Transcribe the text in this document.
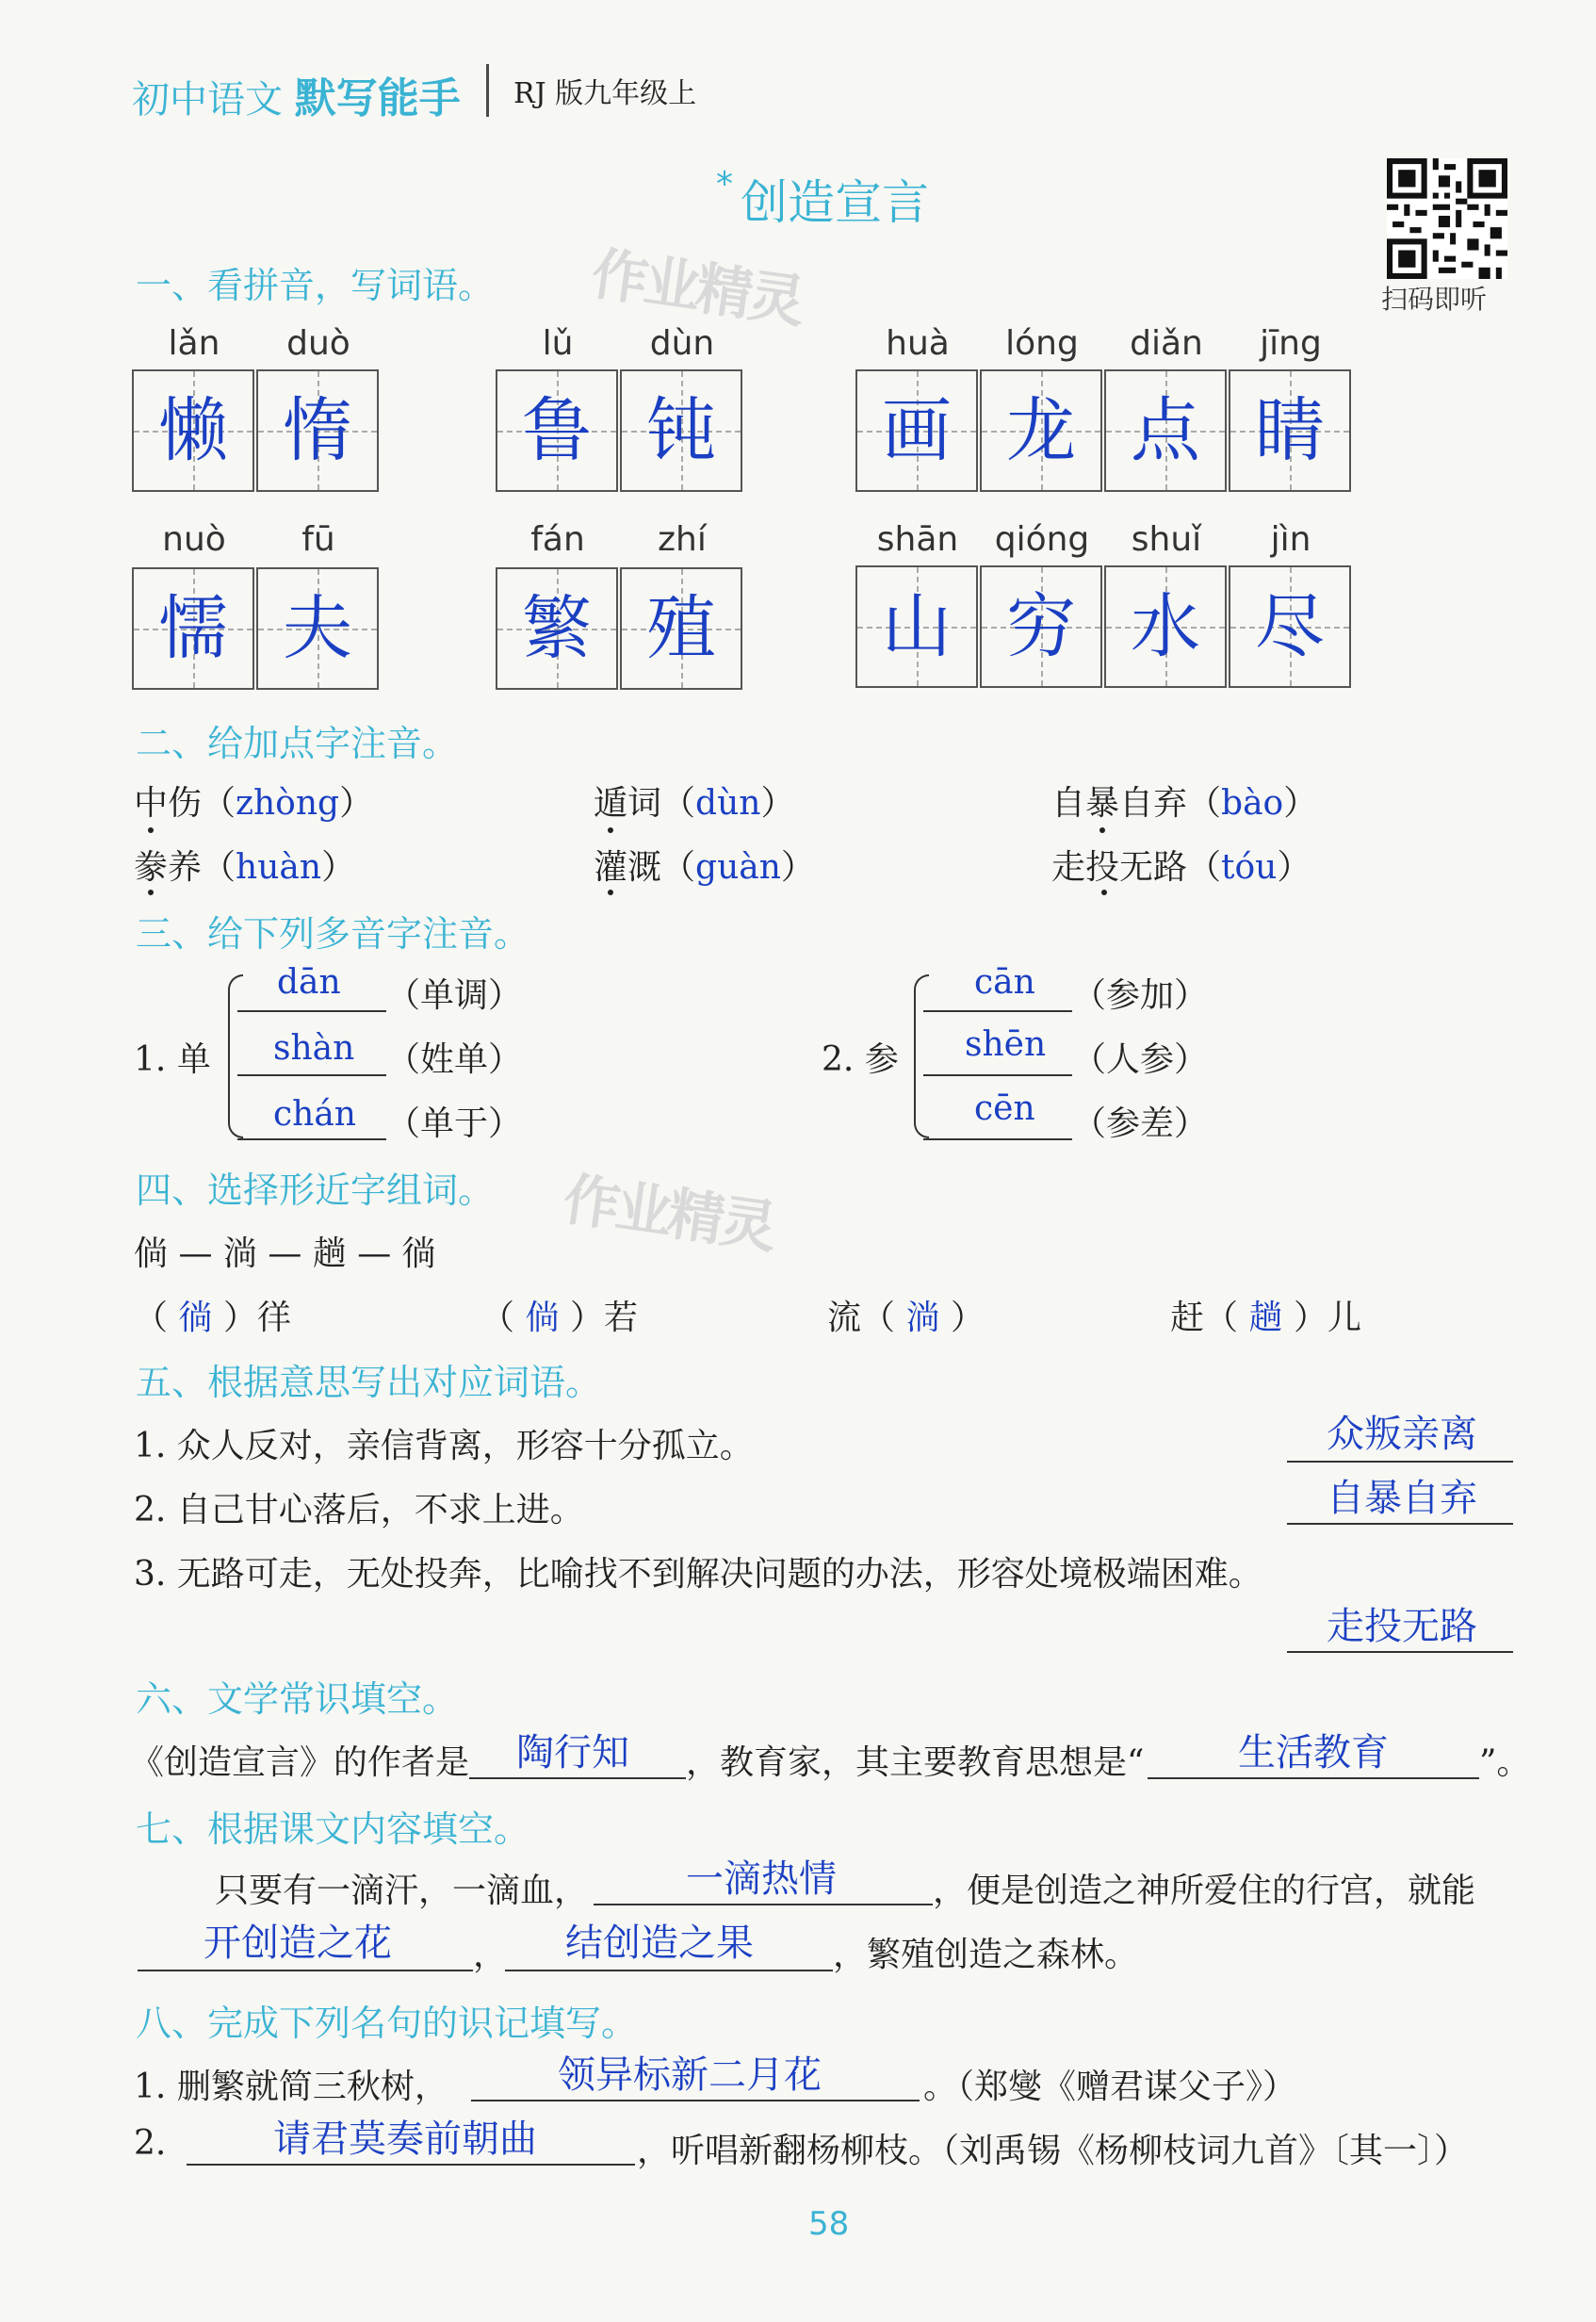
初中语文 默写能手 RJ 版九年级上
* 创造宣言
扫码即听
作业精灵
作业精灵
一、看拼音，写词语。
lǎn	duò
懒 惰
lǔ	dùn
鲁 钝
huà	lóng	diǎn	jīng
画 龙 点 睛
nuò	fū
懦 夫
fán	zhí
繁 殖
shān	qióng	shuǐ	jìn
山 穷 水 尽
二、给加点字注音。
中伤（zhòng）	遁词（dùn）	自暴自弃（bào）
豢养（huàn）	灌溉（guàn）	走投无路（tóu）
三、给下列多音字注音。
1. 单
dān （单调）
shàn （姓单）
chán （单于）
2. 参
cān （参加）
shēn （人参）
cēn （参差）
四、选择形近字组词。
倘 — 淌 — 趟 — 徜
（ 徜 ）徉	（ 倘 ）若	流（ 淌 ）	赶（ 趟 ）儿
五、根据意思写出对应词语。
1. 众人反对，亲信背离，形容十分孤立。	众叛亲离
2. 自己甘心落后，不求上进。	自暴自弃
3. 无路可走，无处投奔，比喻找不到解决问题的办法，形容处境极端困难。
走投无路
六、文学常识填空。
《创造宣言》的作者是 陶行知 ，教育家，其主要教育思想是“ 生活教育	”。
七、根据课文内容填空。
只要有一滴汗，一滴血，	一滴热情	，便是创造之神所爱住的行宫，就能
开创造之花 ， 结创造之果 ，繁殖创造之森林。
八、完成下列名句的识记填写。
1. 删繁就简三秋树，	领异标新二月花	。（郑燮《赠君谋父子》）
2.	请君莫奏前朝曲	，听唱新翻杨柳枝。（刘禹锡《杨柳枝词九首》〔其一〕）
58
